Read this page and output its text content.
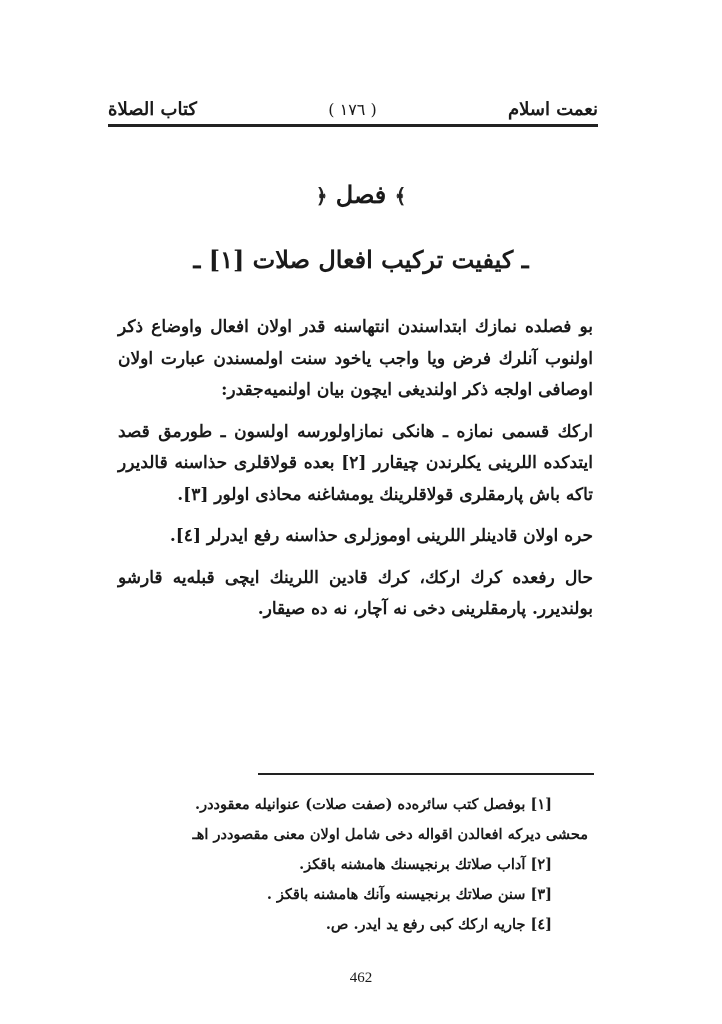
نعمت اسلام
( ١٧٦ )
كتاب الصلاة
﴾ فصل ﴿
ـ كيفيت تركيب افعال صلات [١] ـ

بو فصلده نمازك ابتداسندن انتهاسنه قدر اولان افعال واوضاع ذكر اولنوب آنلرك فرض ويا واجب ياخود سنت اولمسندن عبارت اولان اوصافى اولجه ذكر اولنديغى ايچون بيان اولنميه‌جقدر:

اركك قسمى نمازه ـ هانكى نمازاولورسه اولسون ـ طورمق قصد ايتدكده اللرينى يكلرندن چيقارر [٢] بعده قولاقلرى حذاسنه قالديرر تاكه باش پارمقلرى قولاقلرينك يومشاغنه محاذى اولور [٣].

حره اولان قادينلر اللرينى اوموزلرى حذاسنه رفع ايدرلر [٤].

حال رفعده كرك اركك، كرك قادين اللرينك ايچى قبله‌يه قارشو بولنديرر. پارمقلرينى دخى نه آچار، نه ده صيقار.

[١] بوفصل كتب سائره‌ده (صفت صلات) عنوانيله معقوددر.
محشى ديركه افعالدن اقواله دخى شامل اولان معنى مقصوددر اهـ
[٢] آداب صلاتك برنجيسنك هامشنه باقكز.
[٣] سنن صلاتك برنجيسنه وآنك هامشنه باقكز .
[٤] جاريه اركك كبى رفع يد ايدر. ص.
462
